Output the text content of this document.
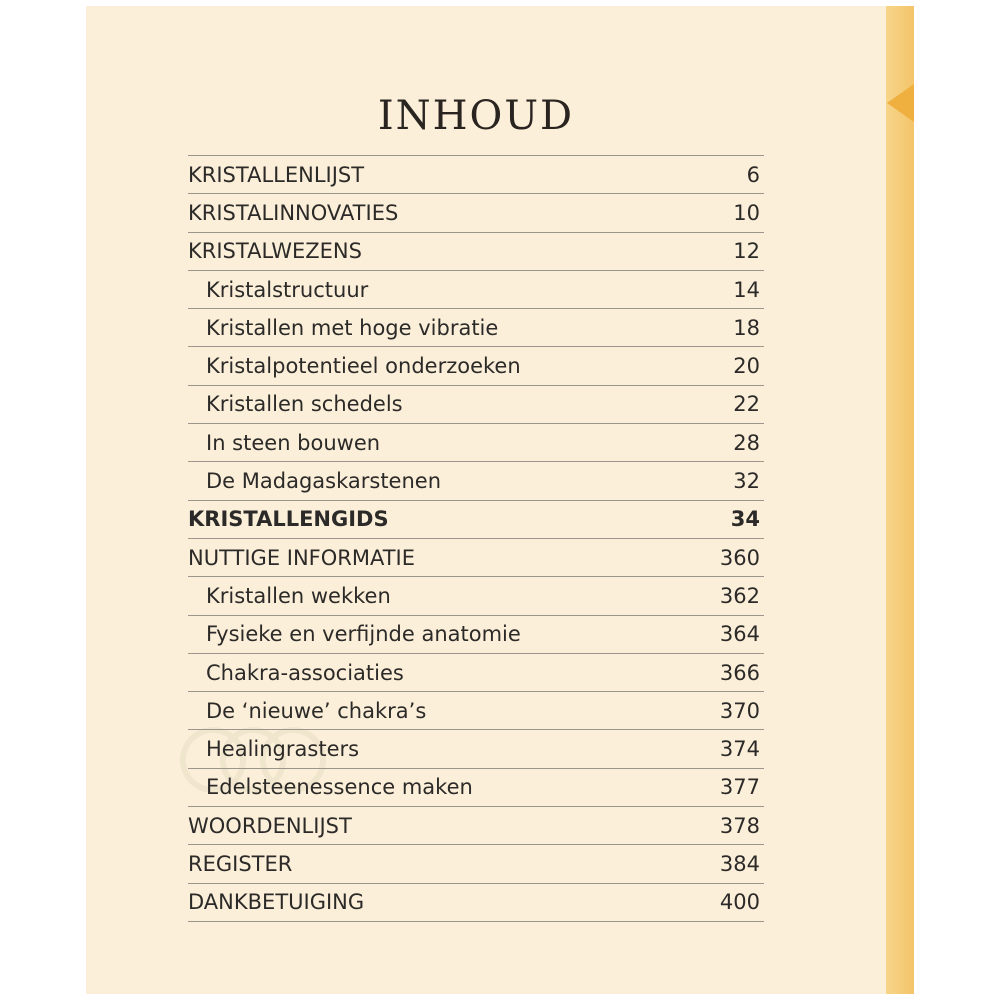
INHOUD
KRISTALLENLIJST	6
KRISTALINNOVATIES	10
KRISTALWEZENS	12
Kristalstructuur	14
Kristallen met hoge vibratie	18
Kristalpotentieel onderzoeken	20
Kristallen schedels	22
In steen bouwen	28
De Madagaskarstenen	32
KRISTALLENGIDS	34
NUTTIGE INFORMATIE	360
Kristallen wekken	362
Fysieke en verfijnde anatomie	364
Chakra-associaties	366
De ‘nieuwe’ chakra’s	370
Healingrasters	374
Edelsteenessence maken	377
WOORDENLIJST	378
REGISTER	384
DANKBETUIGING	400
